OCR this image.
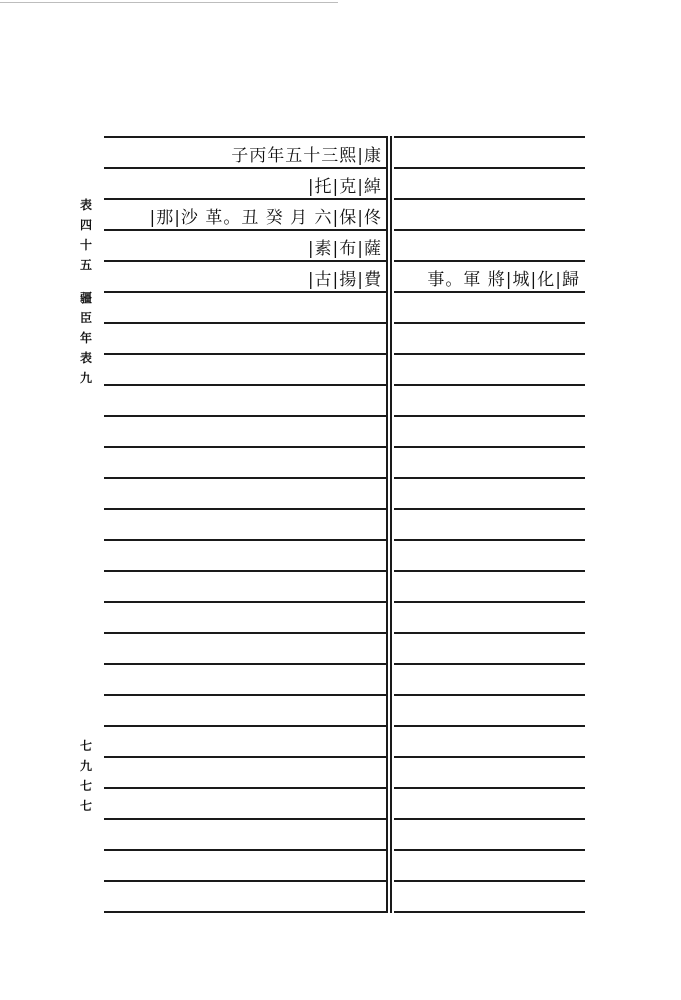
表
四
十
五
疆
臣
年
表
九
七
九
七
七
子丙年五十三熙|康
|托|克|綽
|那|沙 革。丑 癸 月 六|保|佟
|素|布|薩
|古|揚|費	事。軍 將|城|化|歸
